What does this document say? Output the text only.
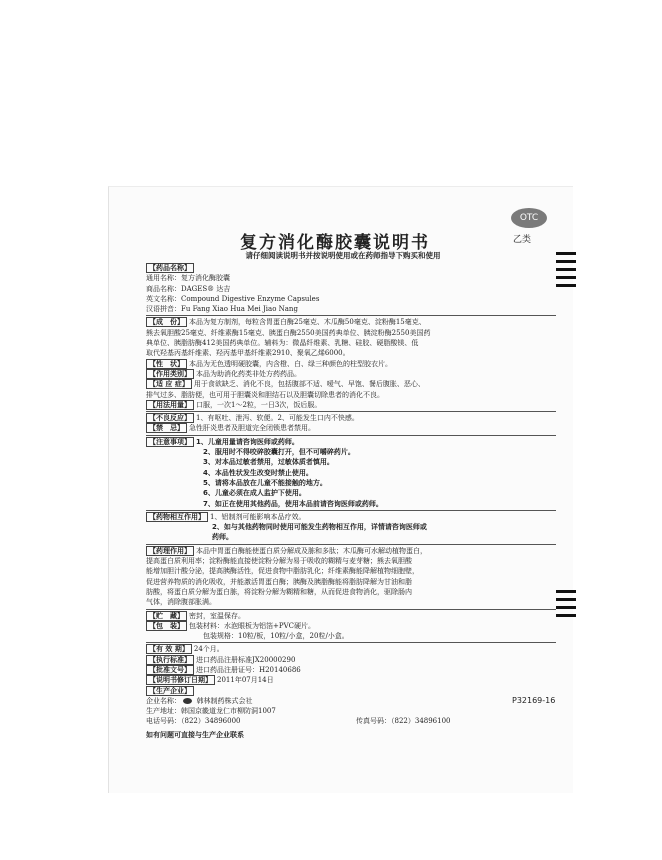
OTC
乙类
复方消化酶胶囊说明书
请仔细阅读说明书并按说明使用或在药师指导下购买和使用
【药品名称】
通用名称：复方消化酶胶囊
商品名称：DAGES® 达吉
英文名称：Compound Digestive Enzyme Capsules
汉语拼音：Fu Fang Xiao Hua Mei Jiao Nang
【成　份】 本品为复方制剂，每粒含胃蛋白酶25毫克、木瓜酶50毫克、淀粉酶15毫克、
熊去氧胆酸25毫克、纤维素酶15毫克、胰蛋白酶2550美国药典单位、胰淀粉酶2550美国药
典单位、胰脂肪酶412美国药典单位。辅料为：微晶纤维素、乳糖、硅胶、硬脂酸镁、低
取代羟基丙基纤维素、羟丙基甲基纤维素2910、聚氧乙烯6000。
【性　状】 本品为无色透明硬胶囊，内含橙、白、绿三种颜色的柱型胶衣片。
【作用类别】 本品为助消化药类非处方药药品。
【适 应 症】 用于食欲缺乏、消化不良，包括腹部不适、嗳气、早饱、餐后腹胀、恶心、
排气过多、脂肪便，也可用于胆囊炎和胆结石以及胆囊切除患者的消化不良。
【用法用量】 口服，一次1～2粒，一日3次，饭后服。
【不良反应】 1、有呕吐、泄泻、软便。2、可能发生口内不快感。
【禁　忌】 急性肝炎患者及胆道完全闭锁患者禁用。
【注意事项】 1、儿童用量请咨询医师或药师。
2、服用时不得咬碎胶囊打开，但不可嚼碎药片。
3、对本品过敏者禁用，过敏体质者慎用。
4、本品性状发生改变时禁止使用。
5、请将本品放在儿童不能接触的地方。
6、儿童必须在成人监护下使用。
7、如正在使用其他药品，使用本品前请咨询医师或药师。
【药物相互作用】 1、铝制剂可能影响本品疗效。
2、如与其他药物同时使用可能发生药物相互作用，详情请咨询医师或
药师。
【药理作用】 本品中胃蛋白酶能使蛋白质分解成及胨和多肽；木瓜酶可水解动植物蛋白，
提高蛋白质利用率；淀粉酶能直接使淀粉分解为易于吸收的糊精与麦芽糖；熊去氧胆酸
能增加胆汁酸分泌，提高胰酶活性，促进食物中脂肪乳化；纤维素酶能降解植物细胞壁，
促进营养物质的消化吸收，并能激活胃蛋白酶；胰酶及胰脂酶能将脂肪降解为甘油和脂
肪酸，将蛋白质分解为蛋白胨，将淀粉分解为糊精和糖，从而促进食物消化，驱除肠内
气体，消除腹部胀满。
【贮　藏】 密封，室温保存。
【包　装】 包装材料：水泡眼板为铝箔+PVC硬片。
包装规格：10粒/板，10粒/小盒，20粒/小盒。
【有 效 期】 24个月。
【执行标准】 进口药品注册标准JX20000290
【批准文号】 进口药品注册证号：H20140686
【说明书修订日期】 2011年07月14日
【生产企业】
企业名称： 韩林制药株式会社
生产地址：韩国京畿道龙仁市柳防洞1007
电话号码：（822）34896000	传真号码：（822）34896100
如有问题可直接与生产企业联系
P32169-16
